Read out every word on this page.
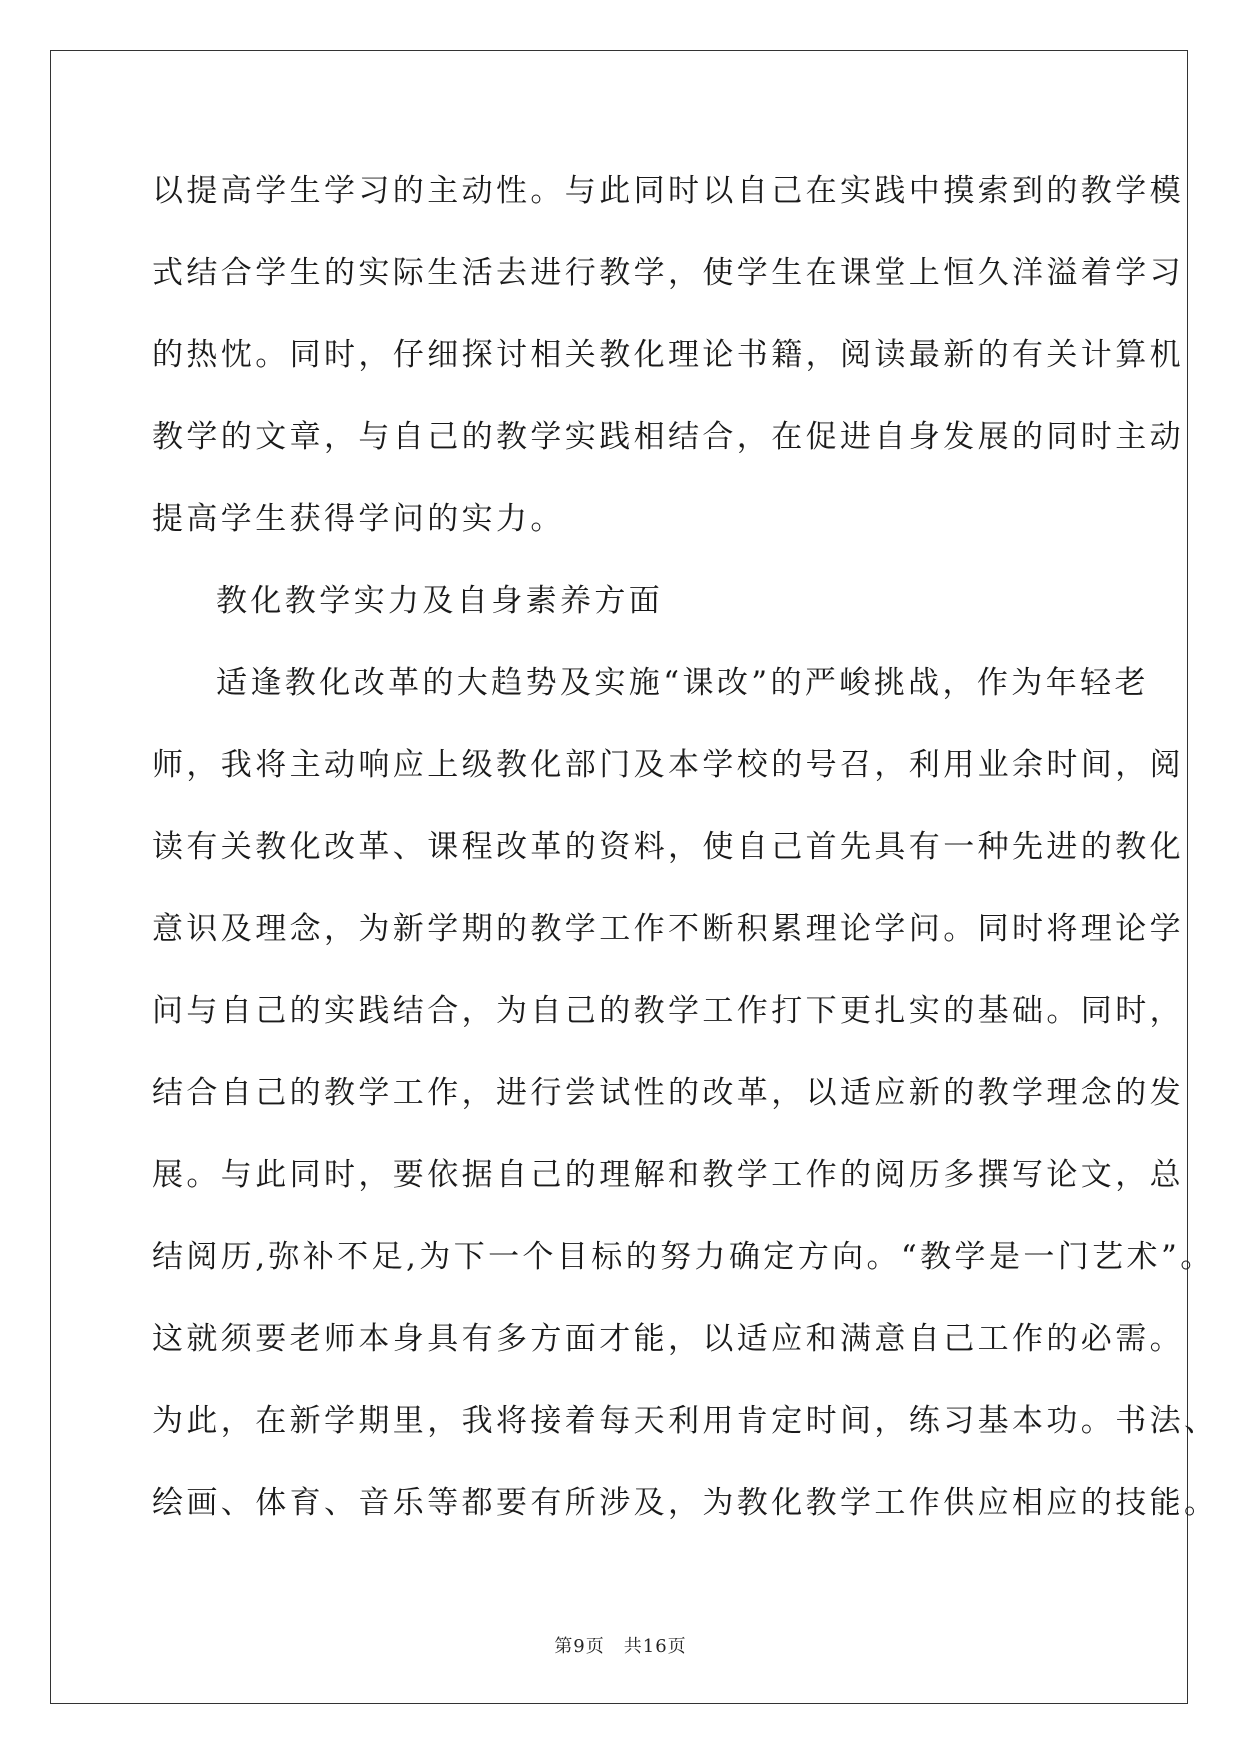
以提高学生学习的主动性。与此同时以自己在实践中摸索到的教学模
式结合学生的实际生活去进行教学，使学生在课堂上恒久洋溢着学习
的热忱。同时，仔细探讨相关教化理论书籍，阅读最新的有关计算机
教学的文章，与自己的教学实践相结合，在促进自身发展的同时主动
提高学生获得学问的实力。
教化教学实力及自身素养方面
适逢教化改革的大趋势及实施“课改”的严峻挑战，作为年轻老
师，我将主动响应上级教化部门及本学校的号召，利用业余时间，阅
读有关教化改革、课程改革的资料，使自己首先具有一种先进的教化
意识及理念，为新学期的教学工作不断积累理论学问。同时将理论学
问与自己的实践结合，为自己的教学工作打下更扎实的基础。同时，
结合自己的教学工作，进行尝试性的改革，以适应新的教学理念的发
展。与此同时，要依据自己的理解和教学工作的阅历多撰写论文，总
结阅历,弥补不足,为下一个目标的努力确定方向。“教学是一门艺术”。
这就须要老师本身具有多方面才能，以适应和满意自己工作的必需。
为此，在新学期里，我将接着每天利用肯定时间，练习基本功。书法、
绘画、体育、音乐等都要有所涉及，为教化教学工作供应相应的技能。
第9页　共16页
